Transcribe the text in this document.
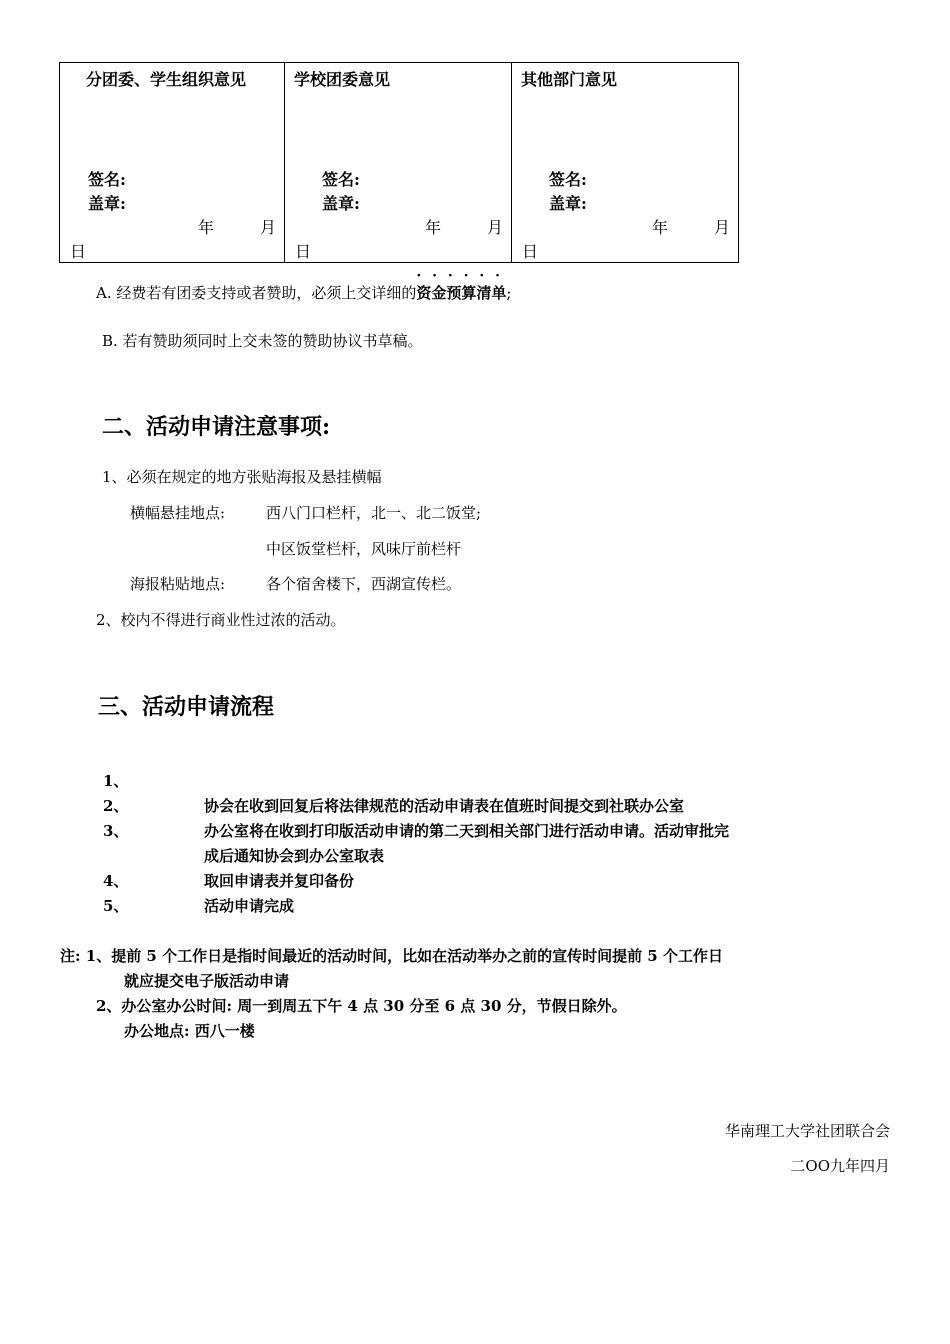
分团委、学生组织意见
签名:
盖章:
年	月
日

学校团委意见
签名:
盖章:
年	月
日

其他部门意见
签名:
盖章:
年	月
日
A. 经费若有团委支持或者赞助，必须上交详细的
· · · · · ·
资金预算清单;
B. 若有赞助须同时上交未签的赞助协议书草稿。
二、活动申请注意事项:
1、必须在规定的地方张贴海报及悬挂横幅
横幅悬挂地点:	西八门口栏杆，北一、北二饭堂;
中区饭堂栏杆，风味厅前栏杆
海报粘贴地点:	各个宿舍楼下，西湖宣传栏。
2、校内不得进行商业性过浓的活动。
三、活动申请流程
1、
2、	协会在收到回复后将法律规范的活动申请表在值班时间提交到社联办公室
3、	办公室将在收到打印版活动申请的第二天到相关部门进行活动申请。活动审批完
成后通知协会到办公室取表
4、	取回申请表并复印备份
5、	活动申请完成
注: 1、提前 5 个工作日是指时间最近的活动时间，比如在活动举办之前的宣传时间提前 5 个工作日
就应提交电子版活动申请
2、办公室办公时间: 周一到周五下午 4 点 30 分至 6 点 30 分，节假日除外。
办公地点: 西八一楼
华南理工大学社团联合会
二OO九年四月
